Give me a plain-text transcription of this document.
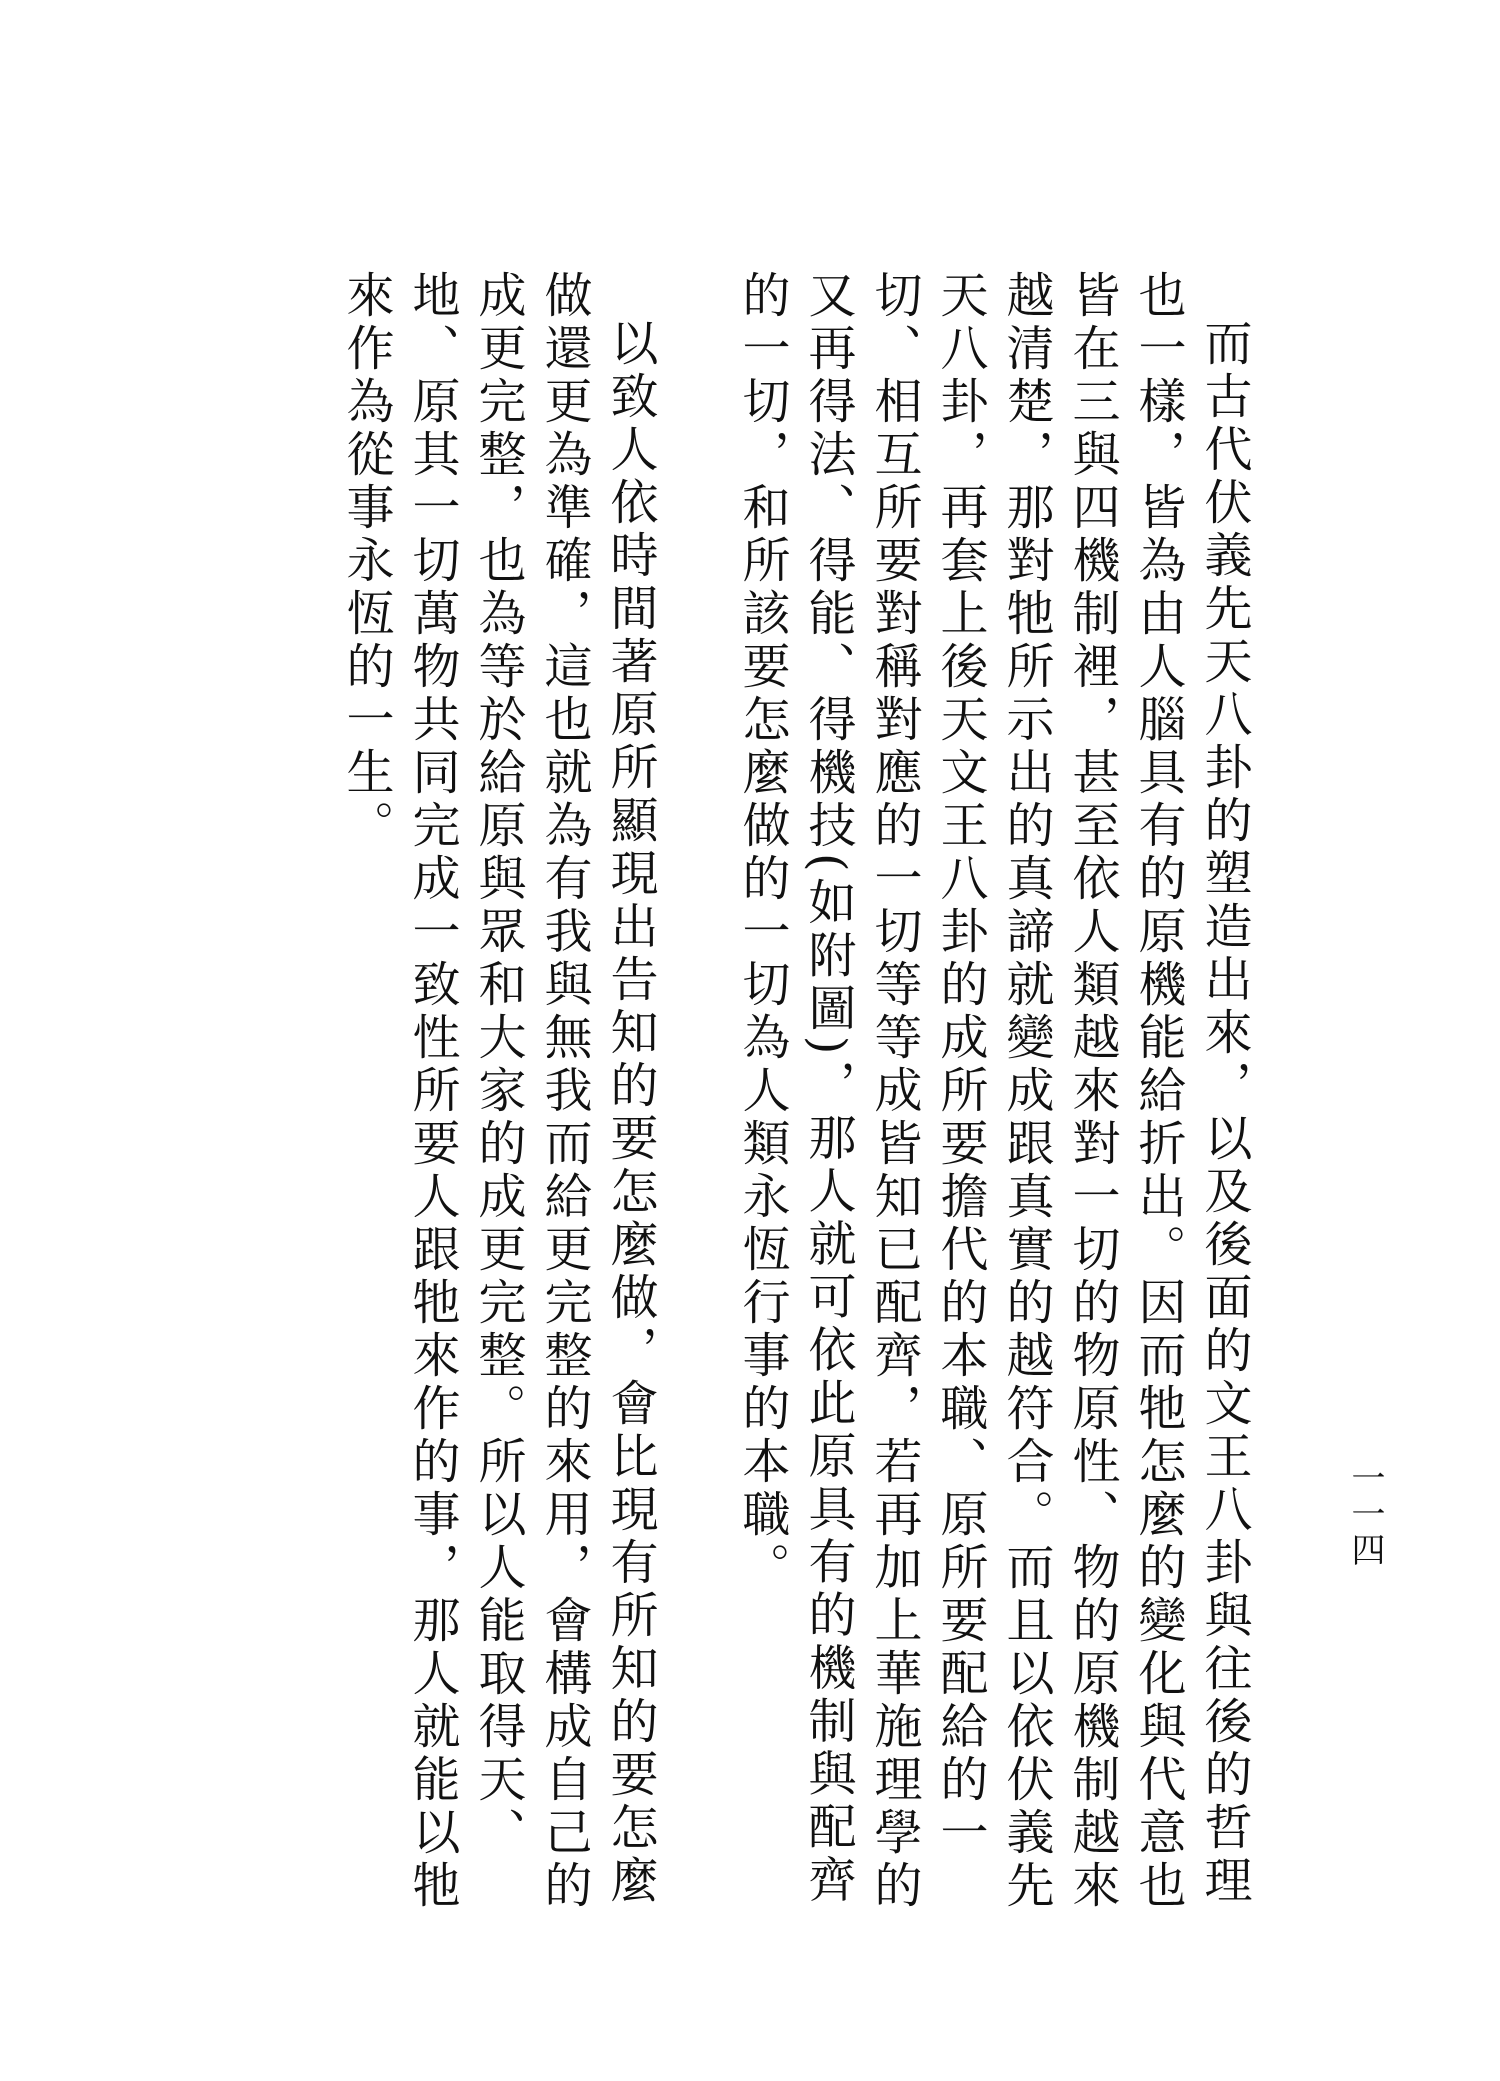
一一四

而古代伏義先天八卦的塑造出來，以及後面的文王八卦與往後的哲理也一樣，皆為由人腦具有的原機能給折出。因而牠怎麼的變化與代意也皆在三與四機制裡，甚至依人類越來對一切的物原性、物的原機制越來越清楚，那對牠所示出的真諦就變成跟真實的越符合。而且以依伏義先天八卦，再套上後天文王八卦的成所要擔代的本職、原所要配給的一切、相互所要對稱對應的一切等等成皆知已配齊，若再加上華施理學的又再得法、得能、得機技(如附圖)，那人就可依此原具有的機制與配齊的一切，和所該要怎麼做的一切為人類永恆行事的本職。

以致人依時間著原所顯現出告知的要怎麼做，會比現有所知的要怎麼做還更為準確，這也就為有我與無我而給更完整的來用，會構成自己的成更完整，也為等於給原與眾和大家的成更完整。所以人能取得天、地、原其一切萬物共同完成一致性所要人跟牠來作的事，那人就能以牠來作為從事永恆的一生。
